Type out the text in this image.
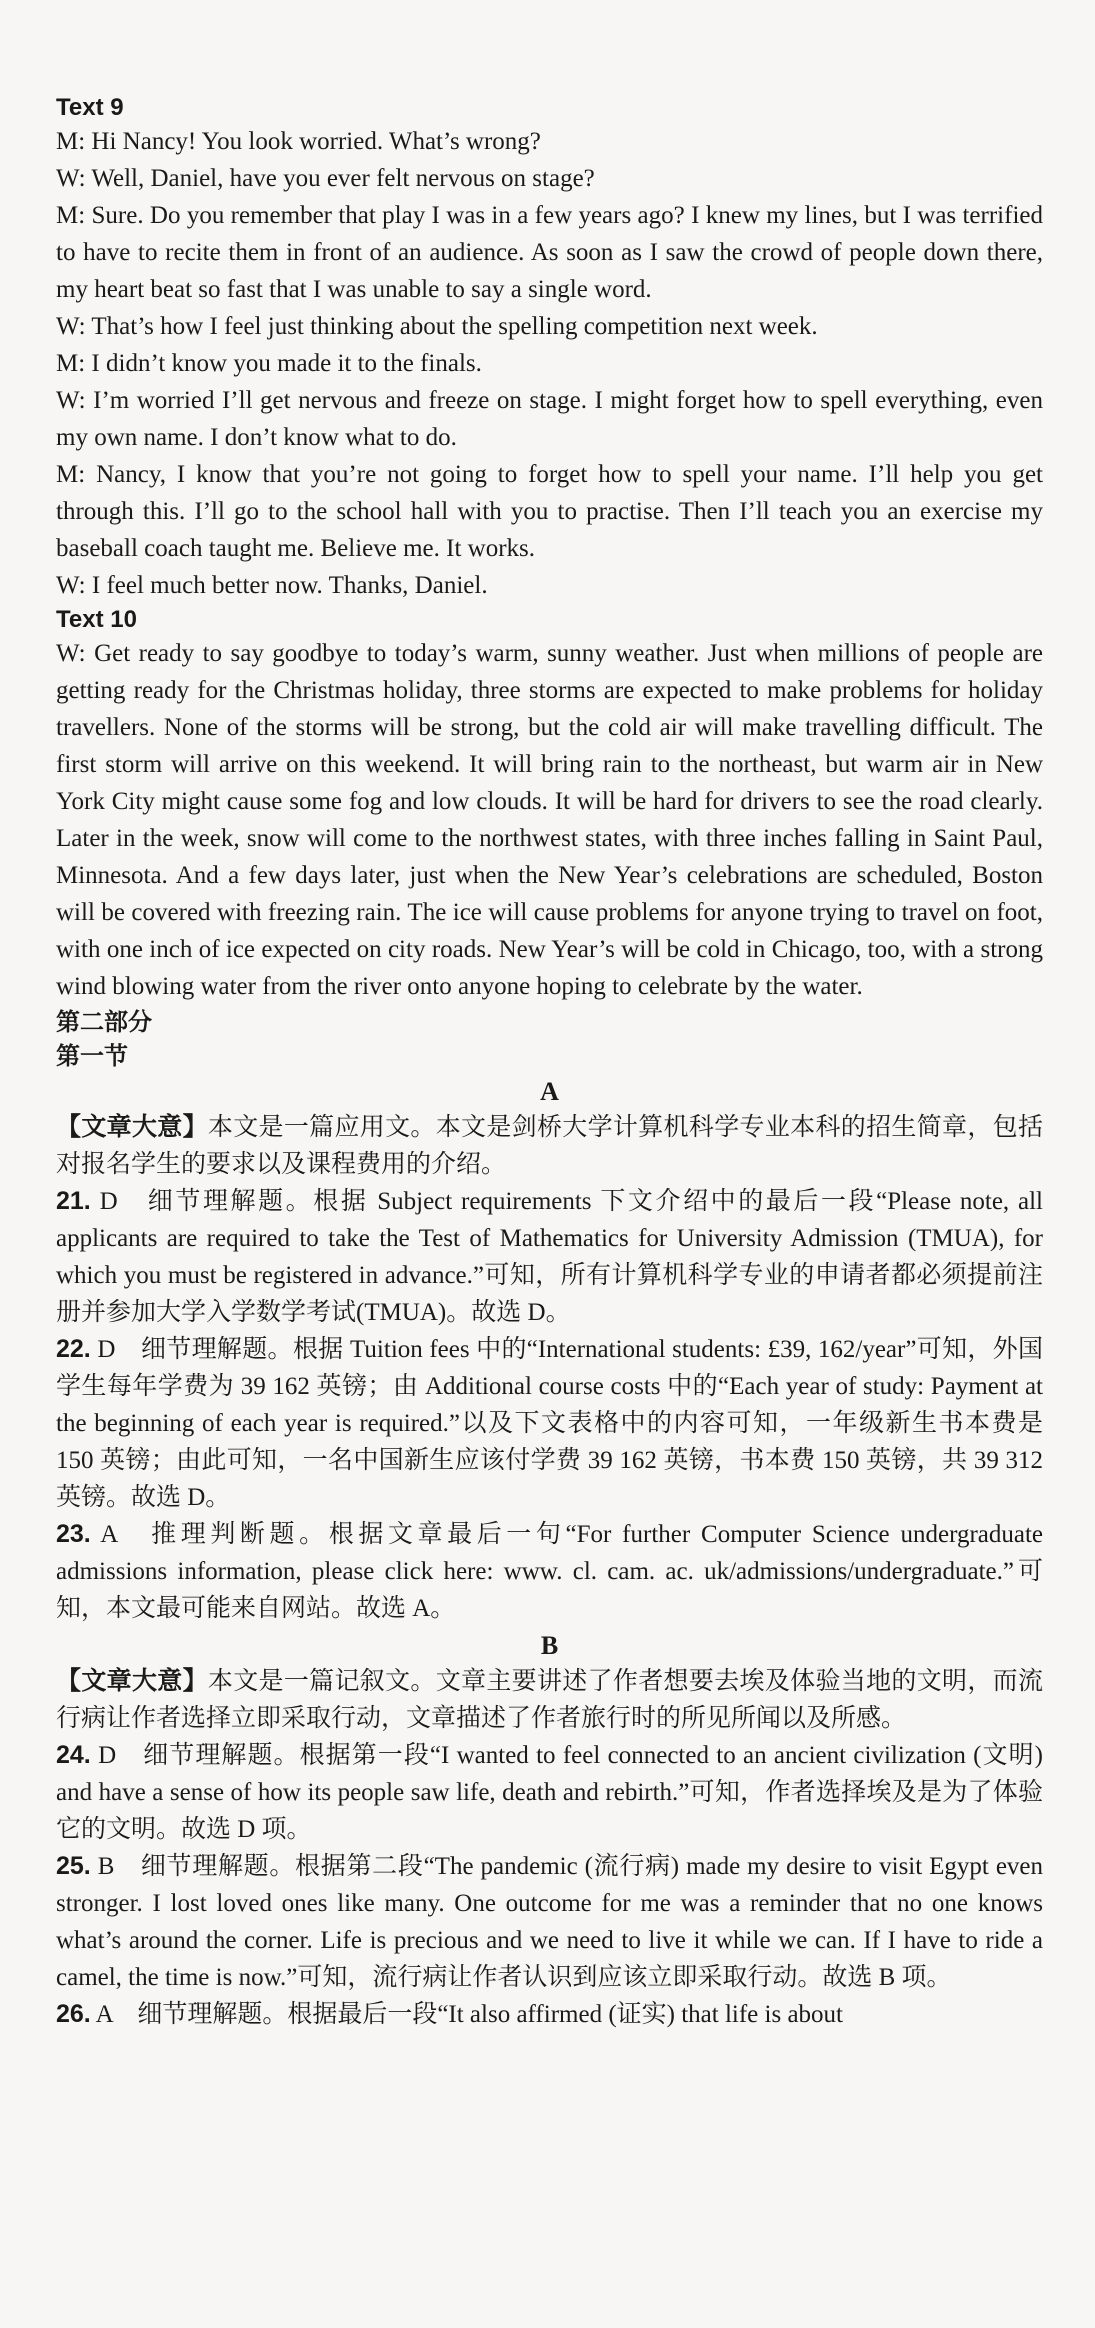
Text 9

M: Hi Nancy! You look worried. What’s wrong?

W: Well, Daniel, have you ever felt nervous on stage?

M: Sure. Do you remember that play I was in a few years ago? I knew my lines, but I was terrified to have to recite them in front of an audience. As soon as I saw the crowd of people down there, my heart beat so fast that I was unable to say a single word.

W: That’s how I feel just thinking about the spelling competition next week.

M: I didn’t know you made it to the finals.

W: I’m worried I’ll get nervous and freeze on stage. I might forget how to spell everything, even my own name. I don’t know what to do.

M: Nancy, I know that you’re not going to forget how to spell your name. I’ll help you get through this. I’ll go to the school hall with you to practise. Then I’ll teach you an exercise my baseball coach taught me. Believe me. It works.

W: I feel much better now. Thanks, Daniel.

Text 10

W: Get ready to say goodbye to today’s warm, sunny weather. Just when millions of people are getting ready for the Christmas holiday, three storms are expected to make problems for holiday travellers. None of the storms will be strong, but the cold air will make travelling difficult. The first storm will arrive on this weekend. It will bring rain to the northeast, but warm air in New York City might cause some fog and low clouds. It will be hard for drivers to see the road clearly. Later in the week, snow will come to the northwest states, with three inches falling in Saint Paul, Minnesota. And a few days later, just when the New Year’s celebrations are scheduled, Boston will be covered with freezing rain. The ice will cause problems for anyone trying to travel on foot, with one inch of ice expected on city roads. New Year’s will be cold in Chicago, too, with a strong wind blowing water from the river onto anyone hoping to celebrate by the water.

第二部分

第一节

A

【文章大意】本文是一篇应用文。本文是剑桥大学计算机科学专业本科的招生简章，包括对报名学生的要求以及课程费用的介绍。

21. D　细节理解题。根据 Subject requirements 下文介绍中的最后一段“Please note, all applicants are required to take the Test of Mathematics for University Admission (TMUA), for which you must be registered in advance.”可知，所有计算机科学专业的申请者都必须提前注册并参加大学入学数学考试(TMUA)。故选 D。

22. D　细节理解题。根据 Tuition fees 中的“International students: £39, 162/year”可知，外国学生每年学费为 39 162 英镑；由 Additional course costs 中的“Each year of study: Payment at the beginning of each year is required.”以及下文表格中的内容可知，一年级新生书本费是 150 英镑；由此可知，一名中国新生应该付学费 39 162 英镑，书本费 150 英镑，共 39 312 英镑。故选 D。

23. A　推理判断题。根据文章最后一句“For further Computer Science undergraduate admissions information, please click here: www. cl. cam. ac. uk/admissions/undergraduate.”可知，本文最可能来自网站。故选 A。

B

【文章大意】本文是一篇记叙文。文章主要讲述了作者想要去埃及体验当地的文明，而流行病让作者选择立即采取行动，文章描述了作者旅行时的所见所闻以及所感。

24. D　细节理解题。根据第一段“I wanted to feel connected to an ancient civilization (文明) and have a sense of how its people saw life, death and rebirth.”可知，作者选择埃及是为了体验它的文明。故选 D 项。

25. B　细节理解题。根据第二段“The pandemic (流行病) made my desire to visit Egypt even stronger. I lost loved ones like many. One outcome for me was a reminder that no one knows what’s around the corner. Life is precious and we need to live it while we can. If I have to ride a camel, the time is now.”可知，流行病让作者认识到应该立即采取行动。故选 B 项。

26. A　细节理解题。根据最后一段“It also affirmed (证实) that life is about
